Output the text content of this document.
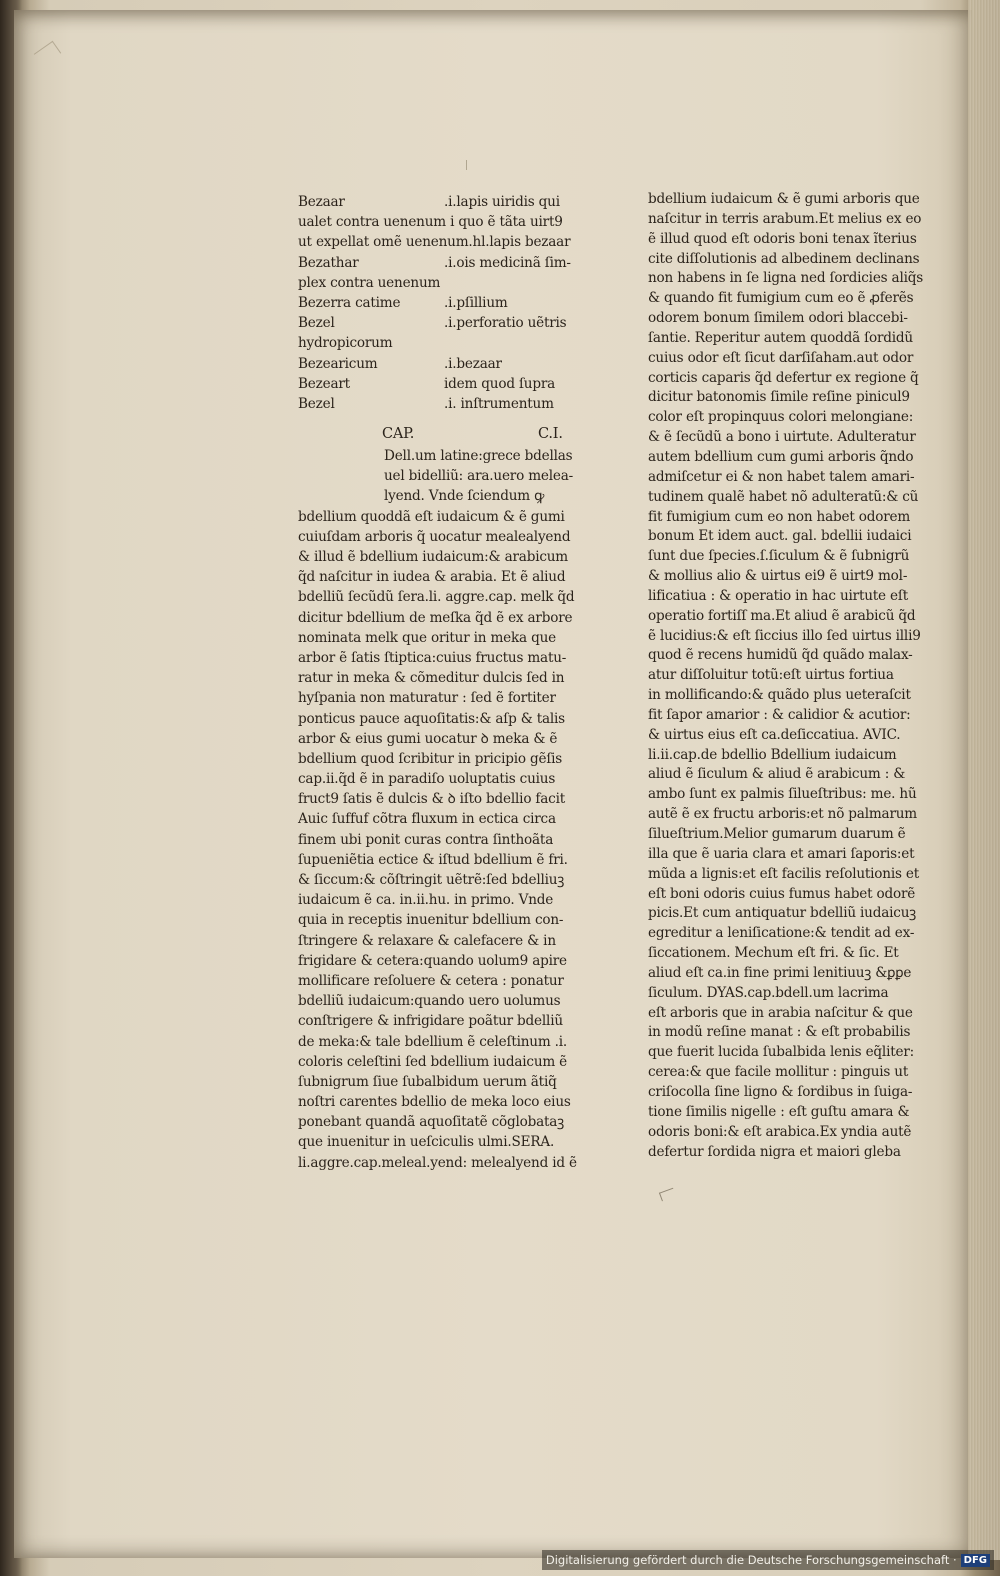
Bezaar	.i.lapis uiridis qui
ualet contra uenenum i quo ẽ tãta uirt9
ut expellat omẽ uenenum.hl.lapis bezaar
Bezathar	.i.ois medicinã ſim-
plex contra uenenum
Bezerra catime	.i.pſillium
Bezel	.i.perforatio uẽtris
hydropicorum
Bezearicum	.i.bezaar
Bezeart	idem quod ſupra
Bezel	.i. inſtrumentum
CAP.	C.I.
Dell.um latine:grece bdellas
uel bidelliũ: ara.uero melea-
lyend. Vnde ſciendum ꝙ
bdellium quoddã eſt iudaicum & ẽ gumi
cuiuſdam arboris q̃ uocatur mealealyend
& illud ẽ bdellium iudaicum:& arabicum
q̃d naſcitur in iudea & arabia. Et ẽ aliud
bdelliũ ſecũdũ ſera.li. aggre.cap. melk q̃d
dicitur bdellium de meſka q̃d ẽ ex arbore
nominata melk que oritur in meka que
arbor ẽ ſatis ſtiptica:cuius fructus matu-
ratur in meka & cõmeditur dulcis ſed in
hyſpania non maturatur : ſed ẽ fortiter
ponticus pauce aquoſitatis:& aſp & talis
arbor & eius gumi uocatur ꝺ meka & ẽ
bdellium quod ſcribitur in pricipio gẽſis
cap.ii.q̃d ẽ in paradiſo uoluptatis cuius
fruct9 ſatis ẽ dulcis & ꝺ iſto bdellio facit
Auic ſuffuf cõtra fluxum in ectica circa
finem ubi ponit curas contra ſinthoãta
ſupueniẽtia ectice & iſtud bdellium ẽ fri.
& ſiccum:& cõſtringit uẽtrẽ:ſed bdelliuꝫ
iudaicum ẽ ca. in.ii.hu. in primo. Vnde
quia in receptis inuenitur bdellium con-
ſtringere & relaxare & calefacere & in
frigidare & cetera:quando uolum9 apire
mollificare reſoluere & cetera : ponatur
bdelliũ iudaicum:quando uero uolumus
conſtrigere & infrigidare poãtur bdelliũ
de meka:& tale bdellium ẽ celeſtinum .i.
coloris celeſtini ſed bdellium iudaicum ẽ
ſubnigrum ſiue ſubalbidum uerum ãtiq̃
noſtri carentes bdellio de meka loco eius
ponebant quandã aquoſitatẽ cõglobataꝫ
que inuenitur in ueſciculis ulmi.SERA.
li.aggre.cap.meleal.yend: melealyend id ẽ
bdellium iudaicum & ẽ gumi arboris que
naſcitur in terris arabum.Et melius ex eo
ẽ illud quod eſt odoris boni tenax ĩterius
cite diſſolutionis ad albedinem declinans
non habens in ſe ligna ned ſordicies aliq̃s
& quando fit fumigium cum eo ẽ ꝓferẽs
odorem bonum ſimilem odori blaccebi-
ſantie. Reperitur autem quoddã ſordidũ
cuius odor eſt ſicut darſiſaham.aut odor
corticis caparis q̃d defertur ex regione q̃
dicitur batonomis ſimile reſine pinicul9
color eſt propinquus colori melongiane:
& ẽ ſecũdũ a bono i uirtute. Adulteratur
autem bdellium cum gumi arboris q̃ndo
admiſcetur ei & non habet talem amari-
tudinem qualẽ habet nõ adulteratũ:& cũ
fit fumigium cum eo non habet odorem
bonum Et idem auct. gal. bdellii iudaici
ſunt due ſpecies.ſ.ſiculum & ẽ ſubnigrũ
& mollius alio & uirtus ei9 ẽ uirt9 mol-
lificatiua : & operatio in hac uirtute eſt
operatio fortiſſ ma.Et aliud ẽ arabicũ q̃d
ẽ lucidius:& eſt ſiccius illo ſed uirtus illi9
quod ẽ recens humidũ q̃d quãdo malax-
atur diſſoluitur totũ:eſt uirtus fortiua
in mollificando:& quãdo plus ueteraſcit
fit ſapor amarior : & calidior & acutior:
& uirtus eius eſt ca.deſiccatiua. AVIC.
li.ii.cap.de bdellio Bdellium iudaicum
aliud ẽ ſiculum & aliud ẽ arabicum : &
ambo ſunt ex palmis ſilueſtribus: me. hũ
autẽ ẽ ex fructu arboris:et nõ palmarum
ſilueſtrium.Melior gumarum duarum ẽ
illa que ẽ uaria clara et amari ſaporis:et
mũda a lignis:et eſt facilis reſolutionis et
eſt boni odoris cuius fumus habet odorẽ
picis.Et cum antiquatur bdelliũ iudaicuꝫ
egreditur a leniſicatione:& tendit ad ex-
ſiccationem. Mechum eſt fri. & ſic. Et
aliud eſt ca.in fine primi lenitiuuꝫ &ꝑꝑe
ſiculum. DYAS.cap.bdell.um lacrima
eſt arboris que in arabia naſcitur & que
in modũ reſine manat : & eſt probabilis
que fuerit lucida ſubalbida lenis eq̃liter:
cerea:& que facile mollitur : pinguis ut
criſocolla ſine ligno & ſordibus in ſuiga-
tione ſimilis nigelle : eſt guſtu amara &
odoris boni:& eſt arabica.Ex yndia autẽ
defertur ſordida nigra et maiori gleba
Digitalisierung gefördert durch die Deutsche Forschungsgemeinschaft · DFG
